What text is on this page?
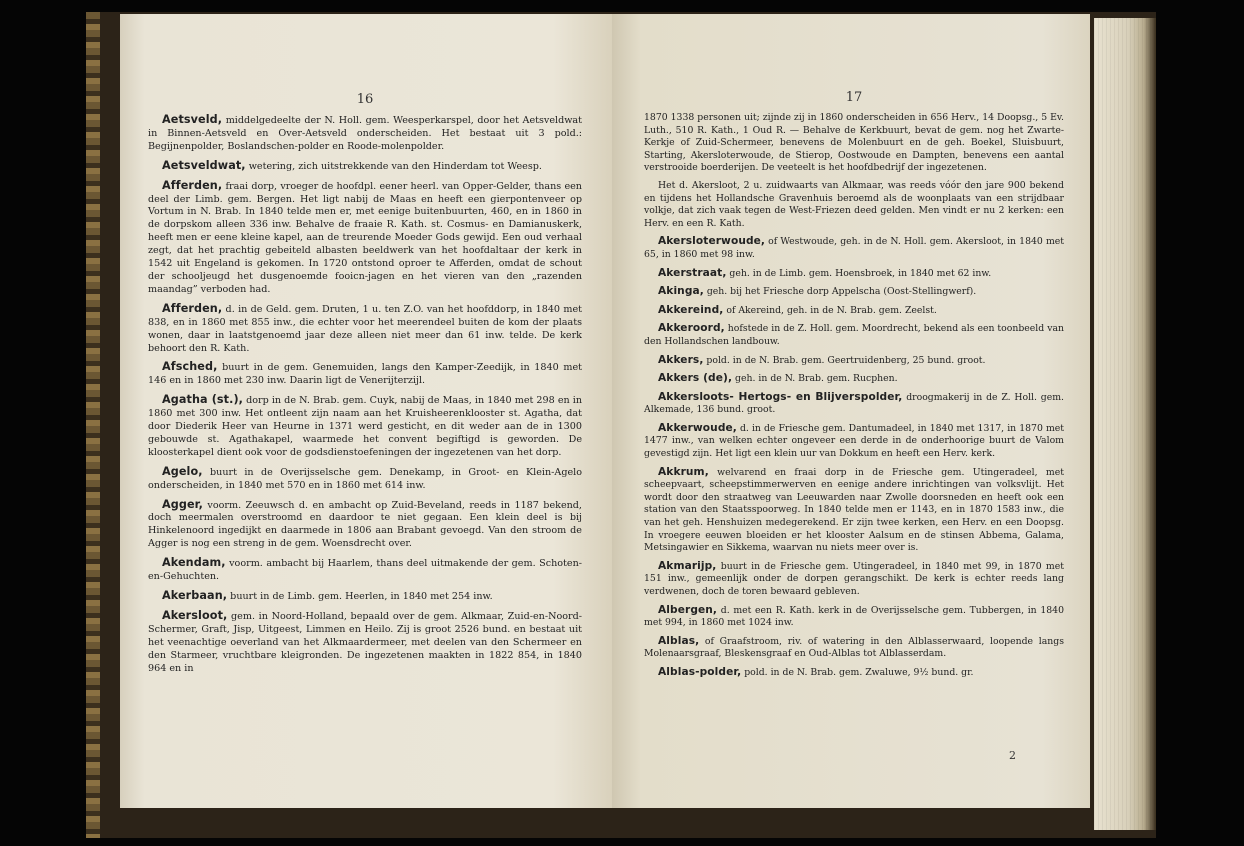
16

Aetsveld, middelgedeelte der N. Holl. gem. Weesperkarspel, door het Aetsveldwat in Binnen-Aetsveld en Over-Aetsveld onderscheiden. Het bestaat uit 3 pold.: Begijnenpolder, Boslandschen-polder en Roode-molenpolder.

Aetsveldwat, wetering, zich uitstrekkende van den Hinderdam tot Weesp.

Afferden, fraai dorp, vroeger de hoofdpl. eener heerl. van Opper-Gelder, thans een deel der Limb. gem. Bergen. Het ligt nabij de Maas en heeft een gierpontenveer op Vortum in N. Brab. In 1840 telde men er, met eenige buitenbuurten, 460, en in 1860 in de dorpskom alleen 336 inw. Behalve de fraaie R. Kath. st. Cosmus- en Damianuskerk, heeft men er eene kleine kapel, aan de treurende Moeder Gods gewijd. Een oud verhaal zegt, dat het prachtig gebeiteld albasten beeldwerk van het hoofdaltaar der kerk in 1542 uit Engeland is gekomen. In 1720 ontstond oproer te Afferden, omdat de schout der schooljeugd het dusgenoemde fooicn-jagen en het vieren van den „razenden maandag” verboden had.

Afferden, d. in de Geld. gem. Druten, 1 u. ten Z.O. van het hoofddorp, in 1840 met 838, en in 1860 met 855 inw., die echter voor het meerendeel buiten de kom der plaats wonen, daar in laatstgenoemd jaar deze alleen niet meer dan 61 inw. telde. De kerk behoort den R. Kath.

Afsched, buurt in de gem. Genemuiden, langs den Kamper-Zeedijk, in 1840 met 146 en in 1860 met 230 inw. Daarin ligt de Venerijterzijl.

Agatha (st.), dorp in de N. Brab. gem. Cuyk, nabij de Maas, in 1840 met 298 en in 1860 met 300 inw. Het ontleent zijn naam aan het Kruisheerenklooster st. Agatha, dat door Diederik Heer van Heurne in 1371 werd gesticht, en dit weder aan de in 1300 gebouwde st. Agathakapel, waarmede het convent begiftigd is geworden. De kloosterkapel dient ook voor de godsdienstoefeningen der ingezetenen van het dorp.

Agelo, buurt in de Overijsselsche gem. Denekamp, in Groot- en Klein-Agelo onderscheiden, in 1840 met 570 en in 1860 met 614 inw.

Agger, voorm. Zeeuwsch d. en ambacht op Zuid-Beveland, reeds in 1187 bekend, doch meermalen overstroomd en daardoor te niet gegaan. Een klein deel is bij Hinkelenoord ingedijkt en daarmede in 1806 aan Brabant gevoegd. Van den stroom de Agger is nog een streng in de gem. Woensdrecht over.

Akendam, voorm. ambacht bij Haarlem, thans deel uitmakende der gem. Schoten-en-Gehuchten.

Akerbaan, buurt in de Limb. gem. Heerlen, in 1840 met 254 inw.

Akersloot, gem. in Noord-Holland, bepaald over de gem. Alkmaar, Zuid-en-Noord-Schermer, Graft, Jisp, Uitgeest, Limmen en Heilo. Zij is groot 2526 bund. en bestaat uit het veenachtige oeverland van het Alkmaardermeer, met deelen van den Schermeer en den Starmeer, vruchtbare kleigronden. De ingezetenen maakten in 1822 854, in 1840 964 en in

17

1870 1338 personen uit; zijnde zij in 1860 onderscheiden in 656 Herv., 14 Doopsg., 5 Ev. Luth., 510 R. Kath., 1 Oud R. — Behalve de Kerkbuurt, bevat de gem. nog het Zwarte-Kerkje of Zuid-Schermeer, benevens de Molenbuurt en de geh. Boekel, Sluisbuurt, Starting, Akersloterwoude, de Stierop, Oostwoude en Dampten, benevens een aantal verstrooide boerderijen. De veeteelt is het hoofdbedrijf der ingezetenen.

Het d. Akersloot, 2 u. zuidwaarts van Alkmaar, was reeds vóór den jare 900 bekend en tijdens het Hollandsche Gravenhuis beroemd als de woonplaats van een strijdbaar volkje, dat zich vaak tegen de West-Friezen deed gelden. Men vindt er nu 2 kerken: een Herv. en een R. Kath.

Akersloterwoude, of Westwoude, geh. in de N. Holl. gem. Akersloot, in 1840 met 65, in 1860 met 98 inw.

Akerstraat, geh. in de Limb. gem. Hoensbroek, in 1840 met 62 inw.

Akinga, geh. bij het Friesche dorp Appelscha (Oost-Stellingwerf).

Akkereind, of Akereind, geh. in de N. Brab. gem. Zeelst.

Akkeroord, hofstede in de Z. Holl. gem. Moordrecht, bekend als een toonbeeld van den Hollandschen landbouw.

Akkers, pold. in de N. Brab. gem. Geertruidenberg, 25 bund. groot.

Akkers (de), geh. in de N. Brab. gem. Rucphen.

Akkersloots- Hertogs- en Blijverspolder, droogmakerij in de Z. Holl. gem. Alkemade, 136 bund. groot.

Akkerwoude, d. in de Friesche gem. Dantumadeel, in 1840 met 1317, in 1870 met 1477 inw., van welken echter ongeveer een derde in de onderhoorige buurt de Valom gevestigd zijn. Het ligt een klein uur van Dokkum en heeft een Herv. kerk.

Akkrum, welvarend en fraai dorp in de Friesche gem. Utingeradeel, met scheepvaart, scheepstimmerwerven en eenige andere inrichtingen van volksvlijt. Het wordt door den straatweg van Leeuwarden naar Zwolle doorsneden en heeft ook een station van den Staatsspoorweg. In 1840 telde men er 1143, en in 1870 1583 inw., die van het geh. Henshuizen medegerekend. Er zijn twee kerken, een Herv. en een Doopsg. In vroegere eeuwen bloeiden er het klooster Aalsum en de stinsen Abbema, Galama, Metsingawier en Sikkema, waarvan nu niets meer over is.

Akmarijp, buurt in de Friesche gem. Utingeradeel, in 1840 met 99, in 1870 met 151 inw., gemeenlijk onder de dorpen gerangschikt. De kerk is echter reeds lang verdwenen, doch de toren bewaard gebleven.

Albergen, d. met een R. Kath. kerk in de Overijsselsche gem. Tubbergen, in 1840 met 994, in 1860 met 1024 inw.

Alblas, of Graafstroom, riv. of watering in den Alblasserwaard, loopende langs Molenaarsgraaf, Bleskensgraaf en Oud-Alblas tot Alblasserdam.

Alblas-polder, pold. in de N. Brab. gem. Zwaluwe, 9½ bund. gr.

2
